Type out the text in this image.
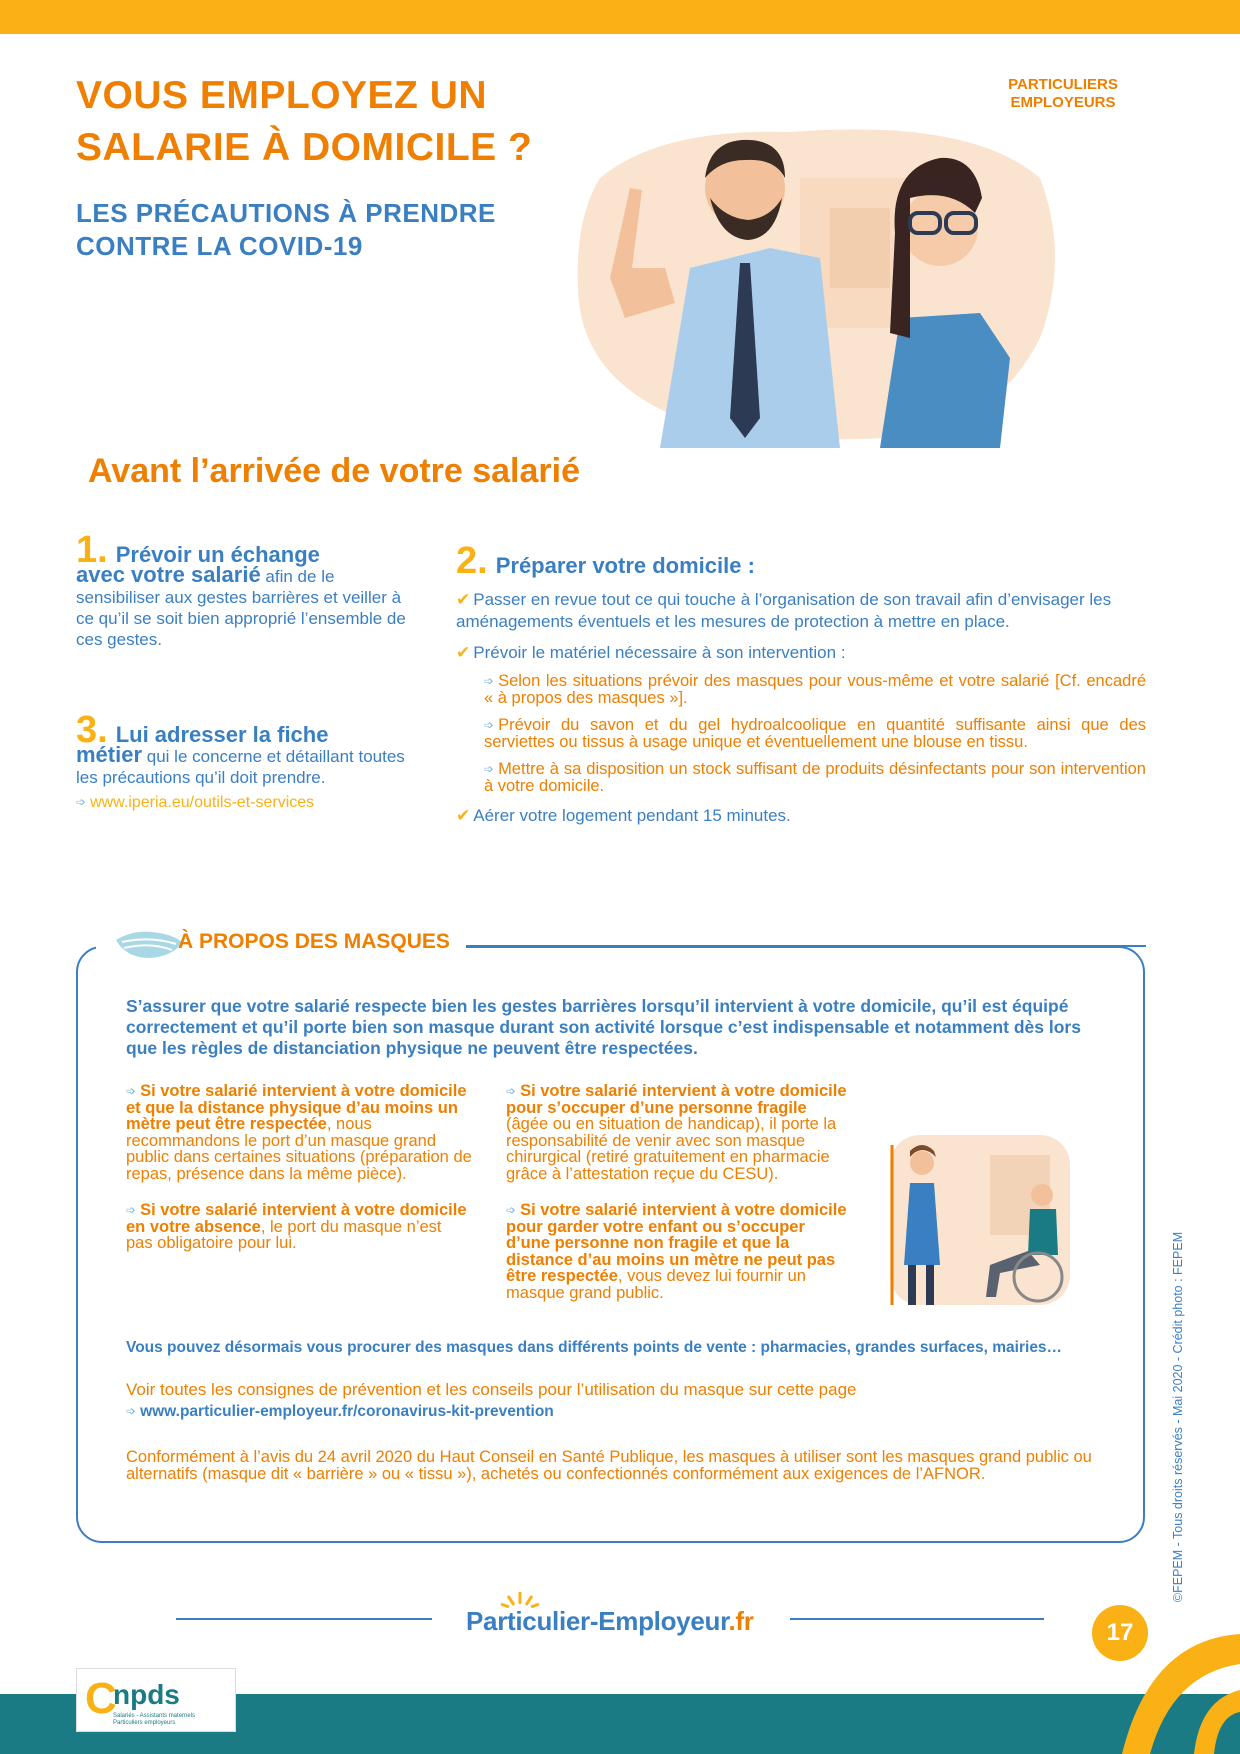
PARTICULIERS
EMPLOYEURS
VOUS EMPLOYEZ UN
SALARIE À DOMICILE ?
LES PRÉCAUTIONS À PRENDRE
CONTRE LA COVID-19
Avant l’arrivée de votre salarié
1. Prévoir un échange
avec votre salarié afin de le sensibiliser aux gestes barrières et veiller à ce qu’il se soit bien approprié l’ensemble de ces gestes.
3. Lui adresser la fiche
métier qui le concerne et détaillant toutes les précautions qu’il doit prendre.
➩ www.iperia.eu/outils-et-services
2. Préparer votre domicile :
✔ Passer en revue tout ce qui touche à l’organisation de son travail afin d’envisager les aménagements éventuels et les mesures de protection à mettre en place.
✔ Prévoir le matériel nécessaire à son intervention :
➩ Selon les situations prévoir des masques pour vous-même et votre salarié [Cf. encadré « à propos des masques »].
➩ Prévoir du savon et du gel hydroalcoolique en quantité suffisante ainsi que des serviettes ou tissus à usage unique et éventuellement une blouse en tissu.
➩ Mettre à sa disposition un stock suffisant de produits désinfectants pour son intervention à votre domicile.
✔ Aérer votre logement pendant 15 minutes.
À PROPOS DES MASQUES
S’assurer que votre salarié respecte bien les gestes barrières lorsqu’il intervient à votre domicile, qu’il est équipé correctement et qu’il porte bien son masque durant son activité lorsque c’est indispensable et notamment dès lors que les règles de distanciation physique ne peuvent être respectées.

➩ Si votre salarié intervient à votre domicile et que la distance physique d’au moins un mètre peut être respectée, nous recommandons le port d’un masque grand public dans certaines situations (préparation de repas, présence dans la même pièce).

➩ Si votre salarié intervient à votre domicile en votre absence, le port du masque n’est pas obligatoire pour lui.

➩ Si votre salarié intervient à votre domicile pour s’occuper d’une personne fragile (âgée ou en situation de handicap), il porte la responsabilité de venir avec son masque chirurgical (retiré gratuitement en pharmacie grâce à l’attestation reçue du CESU).

➩ Si votre salarié intervient à votre domicile pour garder votre enfant ou s’occuper d’une personne non fragile et que la distance d’au moins un mètre ne peut pas être respectée, vous devez lui fournir un masque grand public.

Vous pouvez désormais vous procurer des masques dans différents points de vente : pharmacies, grandes surfaces, mairies…
Voir toutes les consignes de prévention et les conseils pour l’utilisation du masque sur cette page
➩ www.particulier-employeur.fr/coronavirus-kit-prevention
Conformément à l’avis du 24 avril 2020 du Haut Conseil en Santé Publique, les masques à utiliser sont les masques grand public ou alternatifs (masque dit « barrière » ou « tissu »), achetés ou confectionnés conformément aux exigences de l’AFNOR.
Particulier-Employeur.fr	17
©FEPEM - Tous droits réservés - Mai 2020 - Crédit photo : FEPEM
C
npds
Salariés - Assistants maternels Particuliers employeurs
